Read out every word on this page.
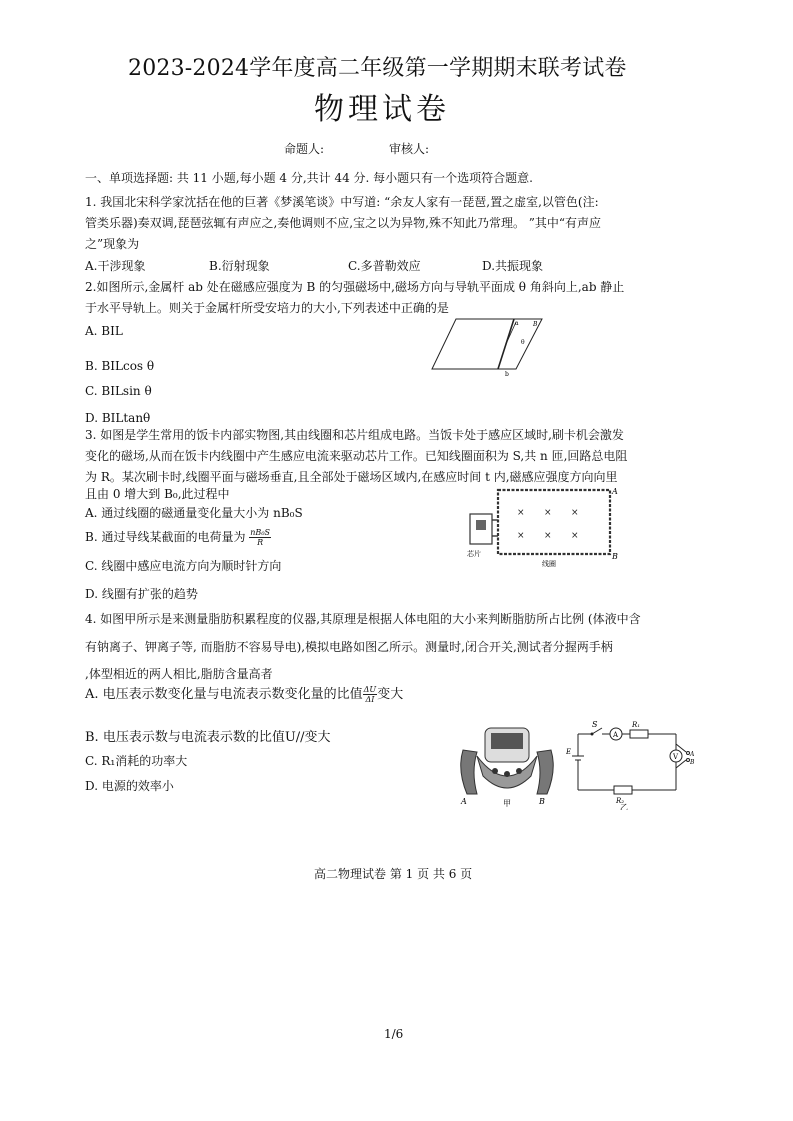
2023-2024学年度高二年级第一学期期末联考试卷
物理试卷
命题人:	审核人:
一、单项选择题: 共 11 小题,每小题 4 分,共计 44 分. 每小题只有一个选项符合题意.
1. 我国北宋科学家沈括在他的巨著《梦溪笔谈》中写道: “余友人家有一琵琶,置之虚室,以管色(注:
管类乐器)奏双调,琵琶弦辄有声应之,奏他调则不应,宝之以为异物,殊不知此乃常理。 ”其中“有声应
之”现象为
A.干涉现象	B.衍射现象	C.多普勒效应	D.共振现象
2.如图所示,金属杆 ab 处在磁感应强度为 B 的匀强磁场中,磁场方向与导轨平面成 θ 角斜向上,ab 静止
于水平导轨上。则关于金属杆所受安培力的大小,下列表述中正确的是
A. BIL
B. BILcos θ
C. BILsin θ
D. BILtanθ
a
b
B
θ
3. 如图是学生常用的饭卡内部实物图,其由线圈和芯片组成电路。当饭卡处于感应区域时,刷卡机会激发
变化的磁场,从而在饭卡内线圈中产生感应电流来驱动芯片工作。已知线圈面积为 S,共 n 匝,回路总电阻
为 R。某次刷卡时,线圈平面与磁场垂直,且全部处于磁场区域内,在感应时间 t 内,磁感应强度方向向里
且由 0 增大到 B₀,此过程中
A. 通过线圈的磁通量变化量大小为 nB₀S
B. 通过导线某截面的电荷量为 $\frac{\text{nB₀S}}{R}$
C. 线圈中感应电流方向为顺时针方向
D. 线圈有扩张的趋势
× × ×
× × ×
A
B
芯片
线圈
4. 如图甲所示是来测量脂肪积累程度的仪器,其原理是根据人体电阻的大小来判断脂肪所占比例 (体液中含
有钠离子、钾离子等, 而脂肪不容易导电),模拟电路如图乙所示。测量时,闭合开关,测试者分握两手柄
,体型相近的两人相比,脂肪含量高者
A. 电压表示数变化量与电流表示数变化量的比值 $\frac{\Delta U}{\Delta I}$ 变大
B. 电压表示数与电流表示数的比值U//变大
C. R₁消耗的功率大
D. 电源的效率小
A	B
甲
S
A
R₁
V
E	A
B
R₂
乙
高二物理试卷 第 1 页 共 6 页
1/6
